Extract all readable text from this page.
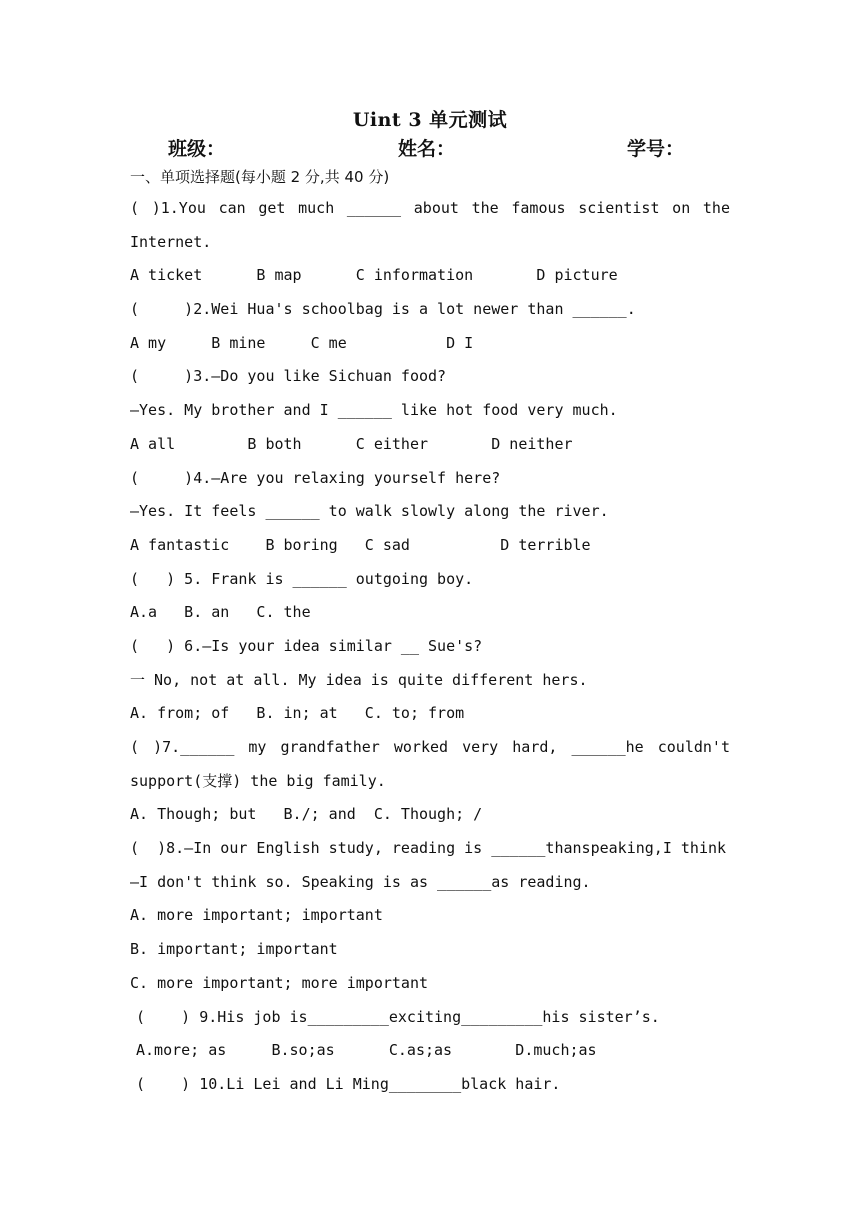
Uint 3 单元测试
班级：	姓名：	学号：
一、单项选择题(每小题 2 分,共 40 分)
( )1.You can get much ______ about the famous scientist on the
Internet.
A ticket      B map      C information       D picture
(     )2.Wei Hua's schoolbag is a lot newer than ______.
A my     B mine     C me           D I
(     )3.—Do you like Sichuan food?
—Yes. My brother and I ______ like hot food very much.
A all        B both      C either       D neither
(     )4.—Are you relaxing yourself here?
—Yes. It feels ______ to walk slowly along the river.
A fantastic    B boring   C sad          D terrible
(   ) 5. Frank is ______ outgoing boy.
A.a   B. an   C. the
(   ) 6.—Is your idea similar __ Sue's?
一 No, not at all. My idea is quite different hers.
A. from; of   B. in; at   C. to; from
( )7.______ my grandfather worked very hard, ______he couldn't
support(支撑) the big family.
A. Though; but   B./; and  C. Though; /
(  )8.—In our English study, reading is ______thanspeaking,I think
—I don't think so. Speaking is as ______as reading.
A. more important; important
B. important; important
C. more important; more important
(    ) 9.His job is_________exciting_________his sister’s.
A.more; as     B.so;as      C.as;as       D.much;as
(    ) 10.Li Lei and Li Ming________black hair.
